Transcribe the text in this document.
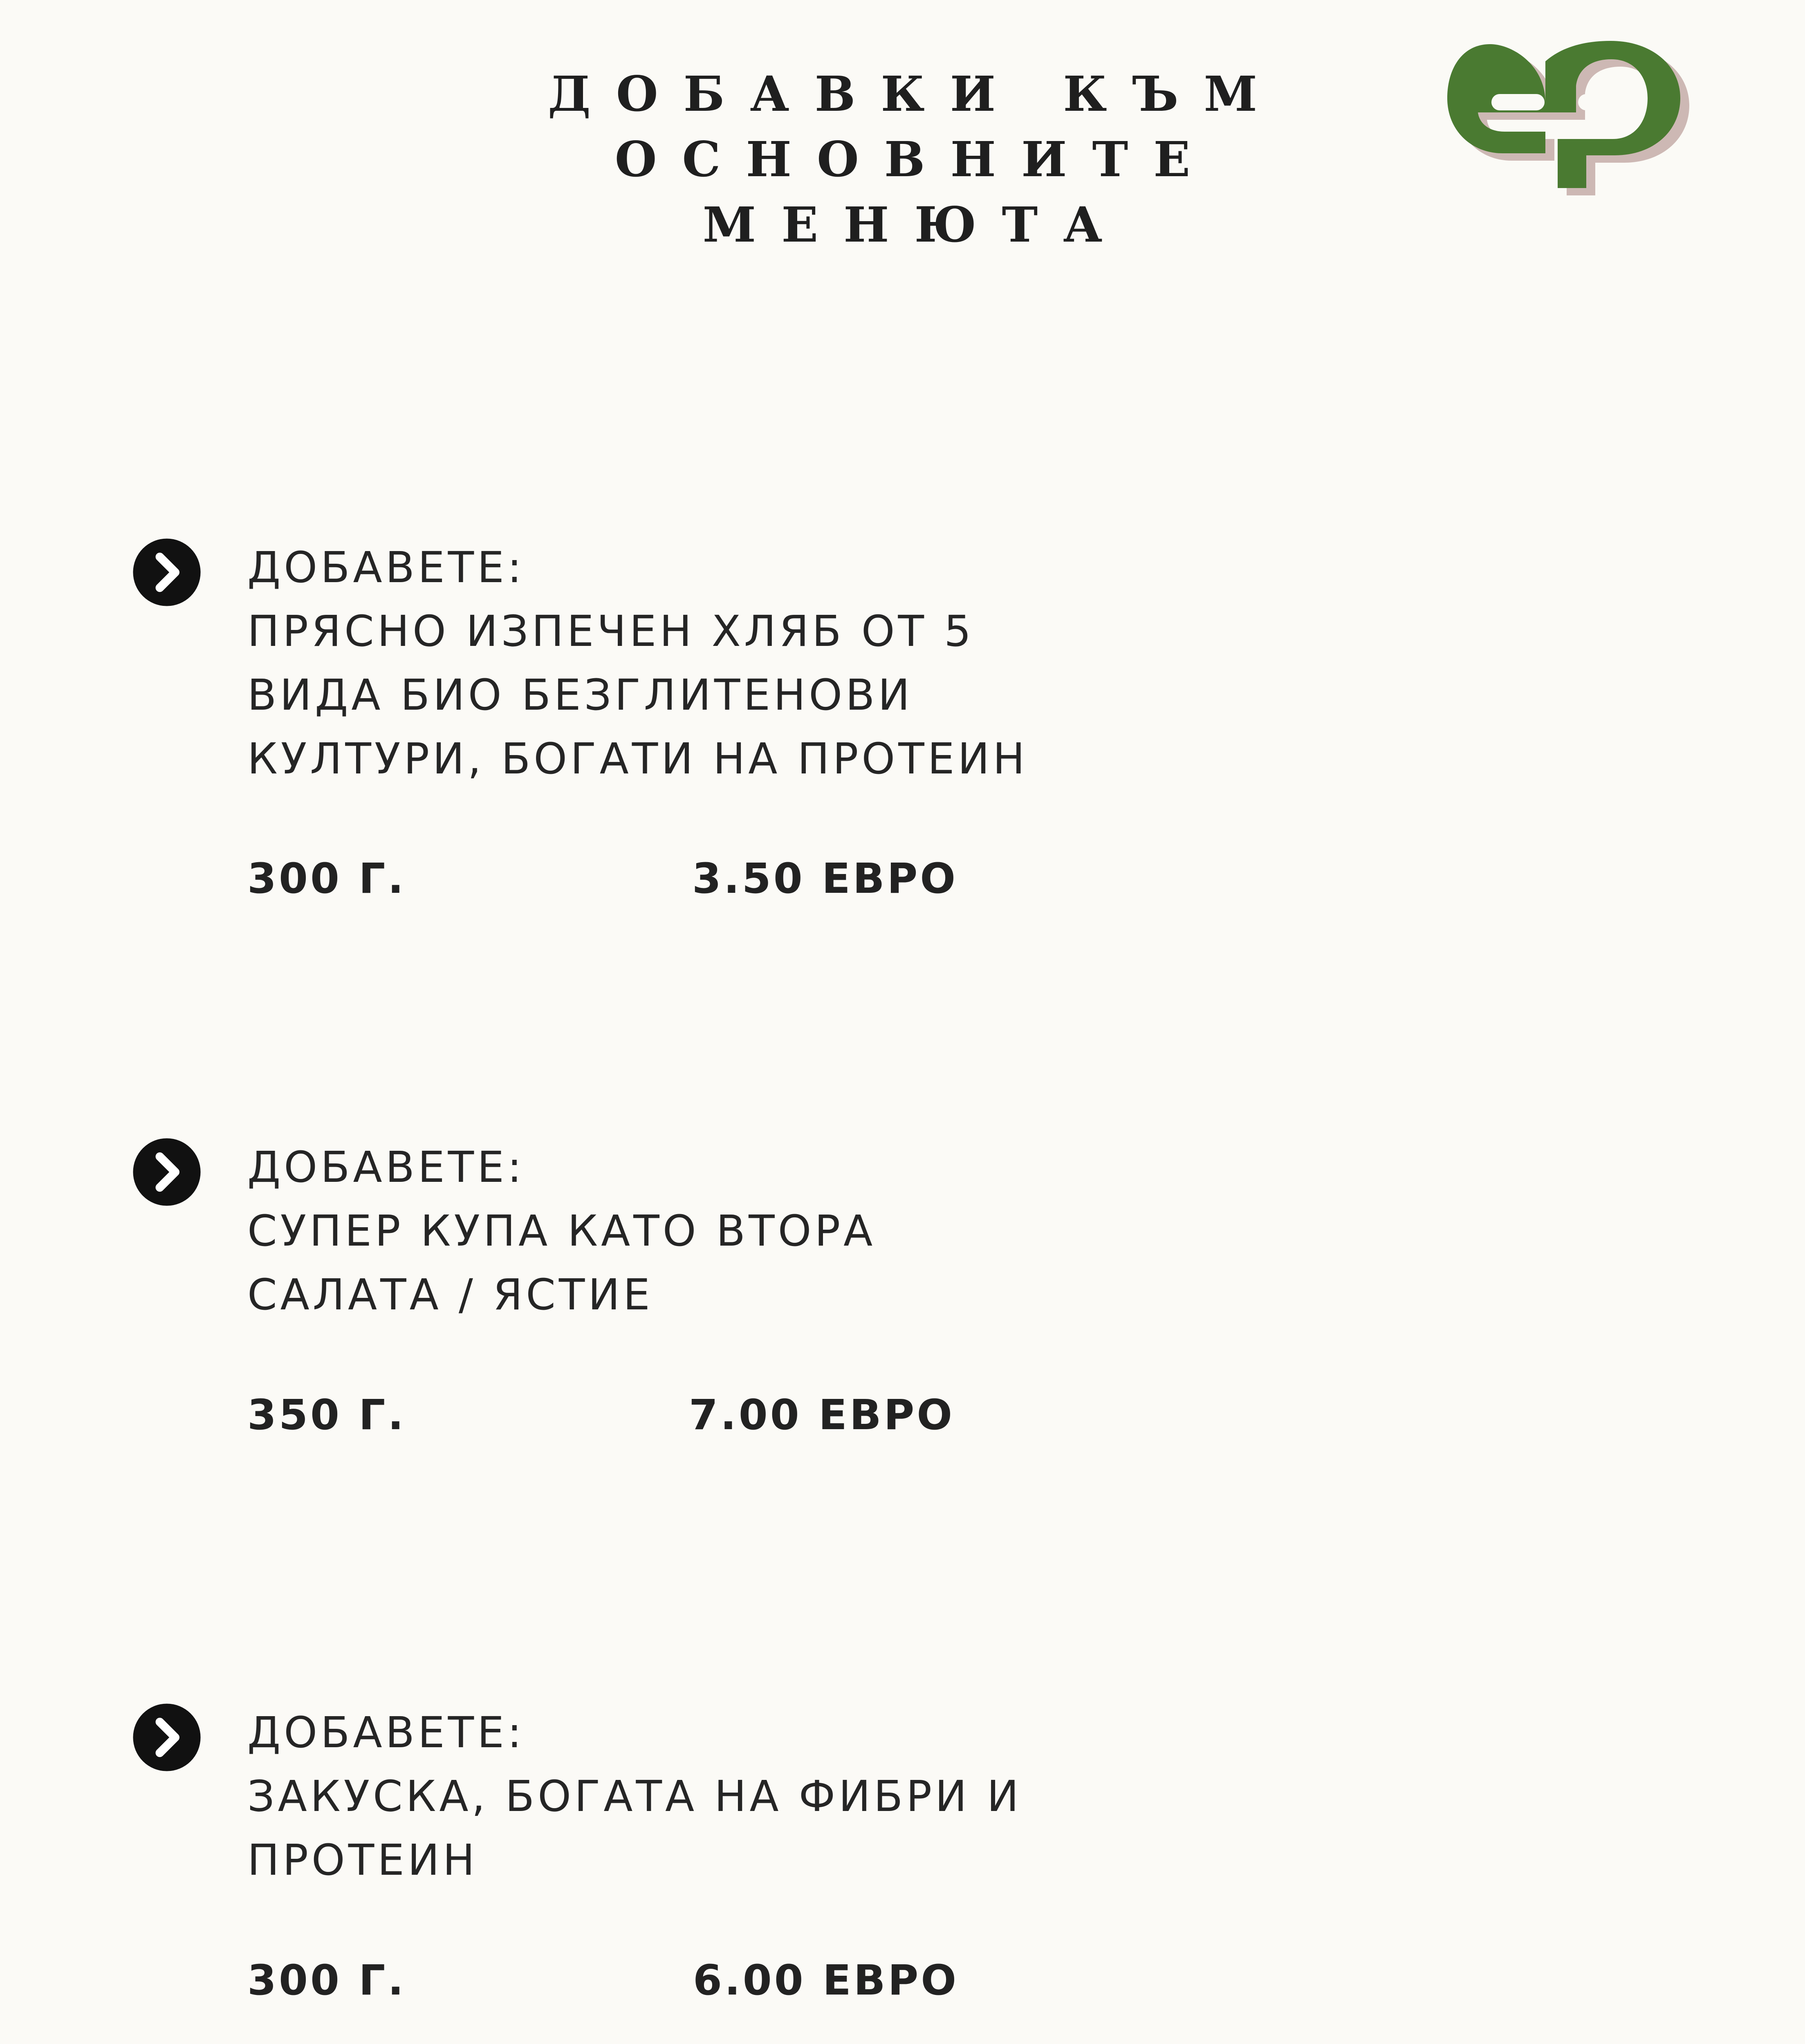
ДОБАВКИ КЪМ
ОСНОВНИТЕ
МЕНЮТА
ДОБАВЕТЕ:
ПРЯСНО ИЗПЕЧЕН ХЛЯБ ОТ 5
ВИДА БИО БЕЗГЛИТЕНОВИ
КУЛТУРИ, БОГАТИ НА ПРОТЕИН
300 Г.	3.50 ЕВРО
ДОБАВЕТЕ:
СУПЕР КУПА КАТО ВТОРА
САЛАТА / ЯСТИЕ
350 Г.	7.00 ЕВРО
ДОБАВЕТЕ:
ЗАКУСКА, БОГАТА НА ФИБРИ И
ПРОТЕИН
300 Г.	6.00 ЕВРО
